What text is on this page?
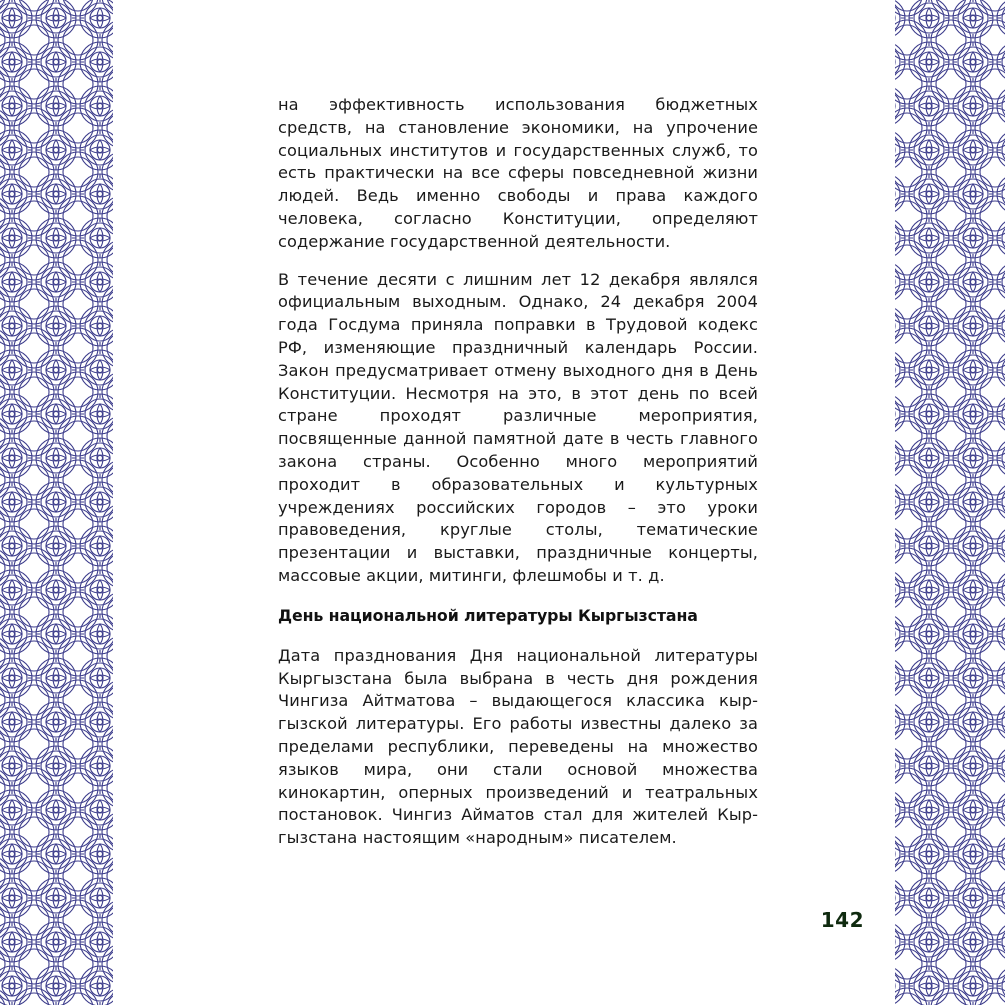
на эффективность использования бюджетных средств, на становление экономики, на упрочение социальных институтов и государственных служб, то есть практически на все сферы повседневной жизни людей. Ведь именно свободы и права каждого человека, согласно Конституции, определяют содержание государственной деятельности.

В течение десяти с лишним лет 12 декабря являлся официальным выходным. Однако, 24 декабря 2004 года Госдума приняла поправки в Трудовой кодекс РФ, изменяющие праздничный календарь России. Закон предусматривает отмену выходного дня в День Конституции. Несмотря на это, в этот день по всей стране проходят различные мероприятия, посвященные данной памятной дате в честь главного закона страны. Особенно много мероприятий проходит в образовательных и культурных учреждениях российских городов – это уроки правоведения, круглые столы, тематические презентации и выставки, праздничные концерты, массовые акции, митинги, флешмобы и т. д.

День национальной литературы Кыргызстана

Дата празднования Дня национальной литературы Кыргызстана была выбрана в честь дня рождения Чингиза Айтматова – выдающегося классика кыргызской литературы. Его работы известны далеко за пределами республики, переведены на множество языков мира, они стали основой множества кинокартин, оперных произведений и театральных постановок. Чингиз Айматов стал для жителей Кыргызстана настоящим «народным» писателем.

142
